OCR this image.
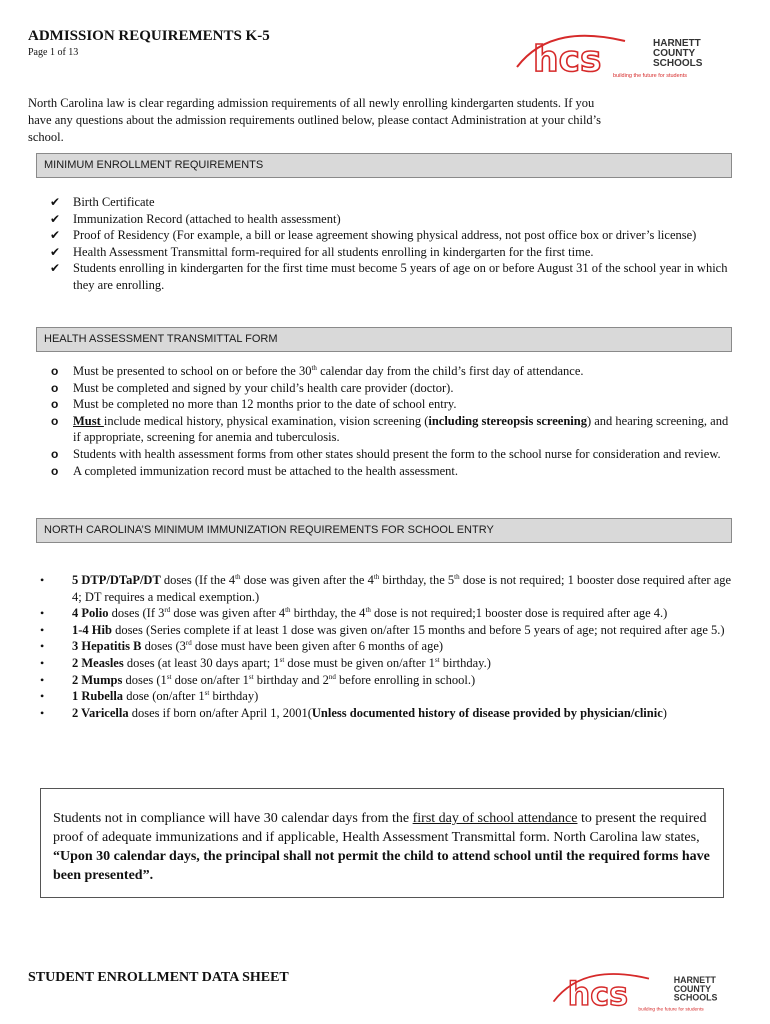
ADMISSION REQUIREMENTS K-5
Page 1 of 13	hcs	HARNETT
COUNTY
SCHOOLS
building the future for students
North Carolina law is clear regarding admission requirements of all newly enrolling kindergarten students. If you have any questions about the admission requirements outlined below, please contact Administration at your child’s school.
MINIMUM ENROLLMENT REQUIREMENTS
✔ Birth Certificate
✔ Immunization Record (attached to health assessment)
✔ Proof of Residency (For example, a bill or lease agreement showing physical address, not post office box or driver’s license)
✔ Health Assessment Transmittal form-required for all students enrolling in kindergarten for the first time.
✔ Students enrolling in kindergarten for the first time must become 5 years of age on or before August 31 of the school year in which they are enrolling.
HEALTH ASSESSMENT TRANSMITTAL FORM
o Must be presented to school on or before the 30th calendar day from the child’s first day of attendance.
o Must be completed and signed by your child’s health care provider (doctor).
o Must be completed no more than 12 months prior to the date of school entry.
o Must include medical history, physical examination, vision screening (including stereopsis screening) and hearing screening, and if appropriate, screening for anemia and tuberculosis.
o Students with health assessment forms from other states should present the form to the school nurse for consideration and review.
o A completed immunization record must be attached to the health assessment.
NORTH CAROLINA’S MINIMUM IMMUNIZATION REQUIREMENTS FOR SCHOOL ENTRY
• 5 DTP/DTaP/DT doses (If the 4th dose was given after the 4th birthday, the 5th dose is not required; 1 booster dose required after age 4; DT requires a medical exemption.)
• 4 Polio doses (If 3rd dose was given after 4th birthday, the 4th dose is not required;1 booster dose is required after age 4.)
• 1-4 Hib doses (Series complete if at least 1 dose was given on/after 15 months and before 5 years of age; not required after age 5.)
• 3 Hepatitis B doses (3rd dose must have been given after 6 months of age)
• 2 Measles doses (at least 30 days apart; 1st dose must be given on/after 1st birthday.)
• 2 Mumps doses (1st dose on/after 1st birthday and 2nd before enrolling in school.)
• 1 Rubella dose (on/after 1st birthday)
• 2 Varicella doses if born on/after April 1, 2001(Unless documented history of disease provided by physician/clinic)
Students not in compliance will have 30 calendar days from the first day of school attendance to present the required proof of adequate immunizations and if applicable, Health Assessment Transmittal form. North Carolina law states, “Upon 30 calendar days, the principal shall not permit the child to attend school until the required forms have been presented”.
STUDENT ENROLLMENT DATA SHEET	hcs	HARNETT
COUNTY
SCHOOLS
building the future for students
